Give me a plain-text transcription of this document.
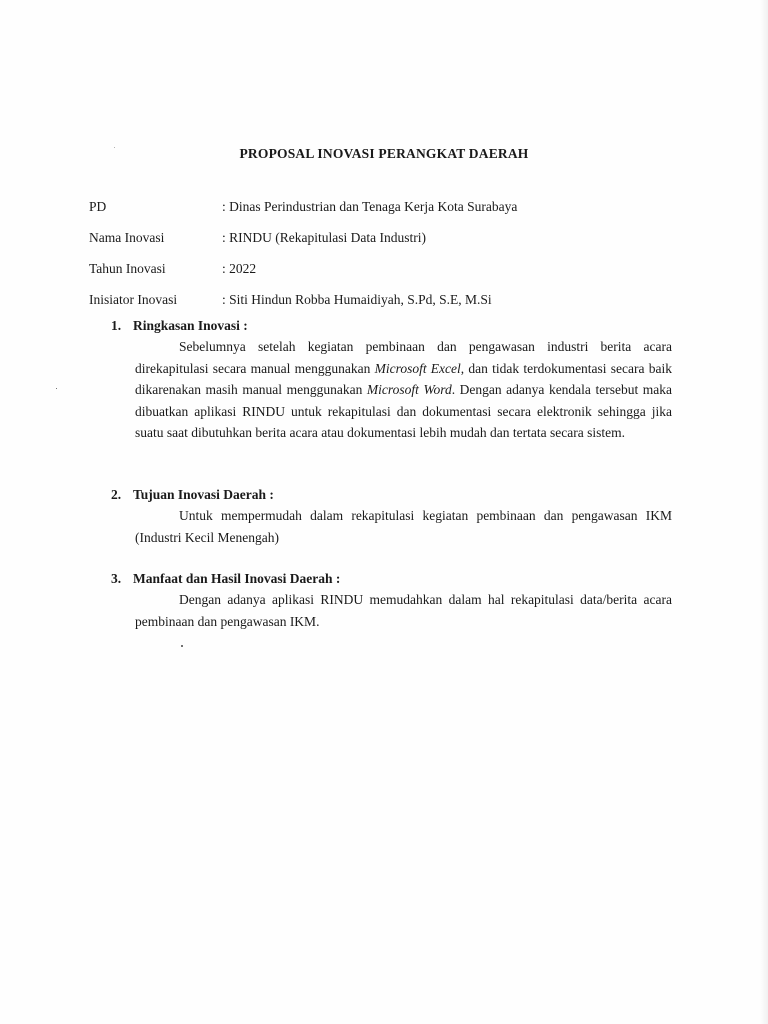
PROPOSAL INOVASI PERANGKAT DAERAH
PD	: Dinas Perindustrian dan Tenaga Kerja Kota Surabaya
Nama Inovasi	: RINDU (Rekapitulasi Data Industri)
Tahun Inovasi	: 2022
Inisiator Inovasi	: Siti Hindun Robba Humaidiyah, S.Pd, S.E, M.Si
1. Ringkasan Inovasi :
Sebelumnya setelah kegiatan pembinaan dan pengawasan industri berita acara direkapitulasi secara manual menggunakan Microsoft Excel, dan tidak terdokumentasi secara baik dikarenakan masih manual menggunakan Microsoft Word. Dengan adanya kendala tersebut maka dibuatkan aplikasi RINDU untuk rekapitulasi dan dokumentasi secara elektronik sehingga jika suatu saat dibutuhkan berita acara atau dokumentasi lebih mudah dan tertata secara sistem.
2. Tujuan Inovasi Daerah :
Untuk mempermudah dalam rekapitulasi kegiatan pembinaan dan pengawasan IKM (Industri Kecil Menengah)
3. Manfaat dan Hasil Inovasi Daerah :
Dengan adanya aplikasi RINDU memudahkan dalam hal rekapitulasi data/berita acara pembinaan dan pengawasan IKM.
